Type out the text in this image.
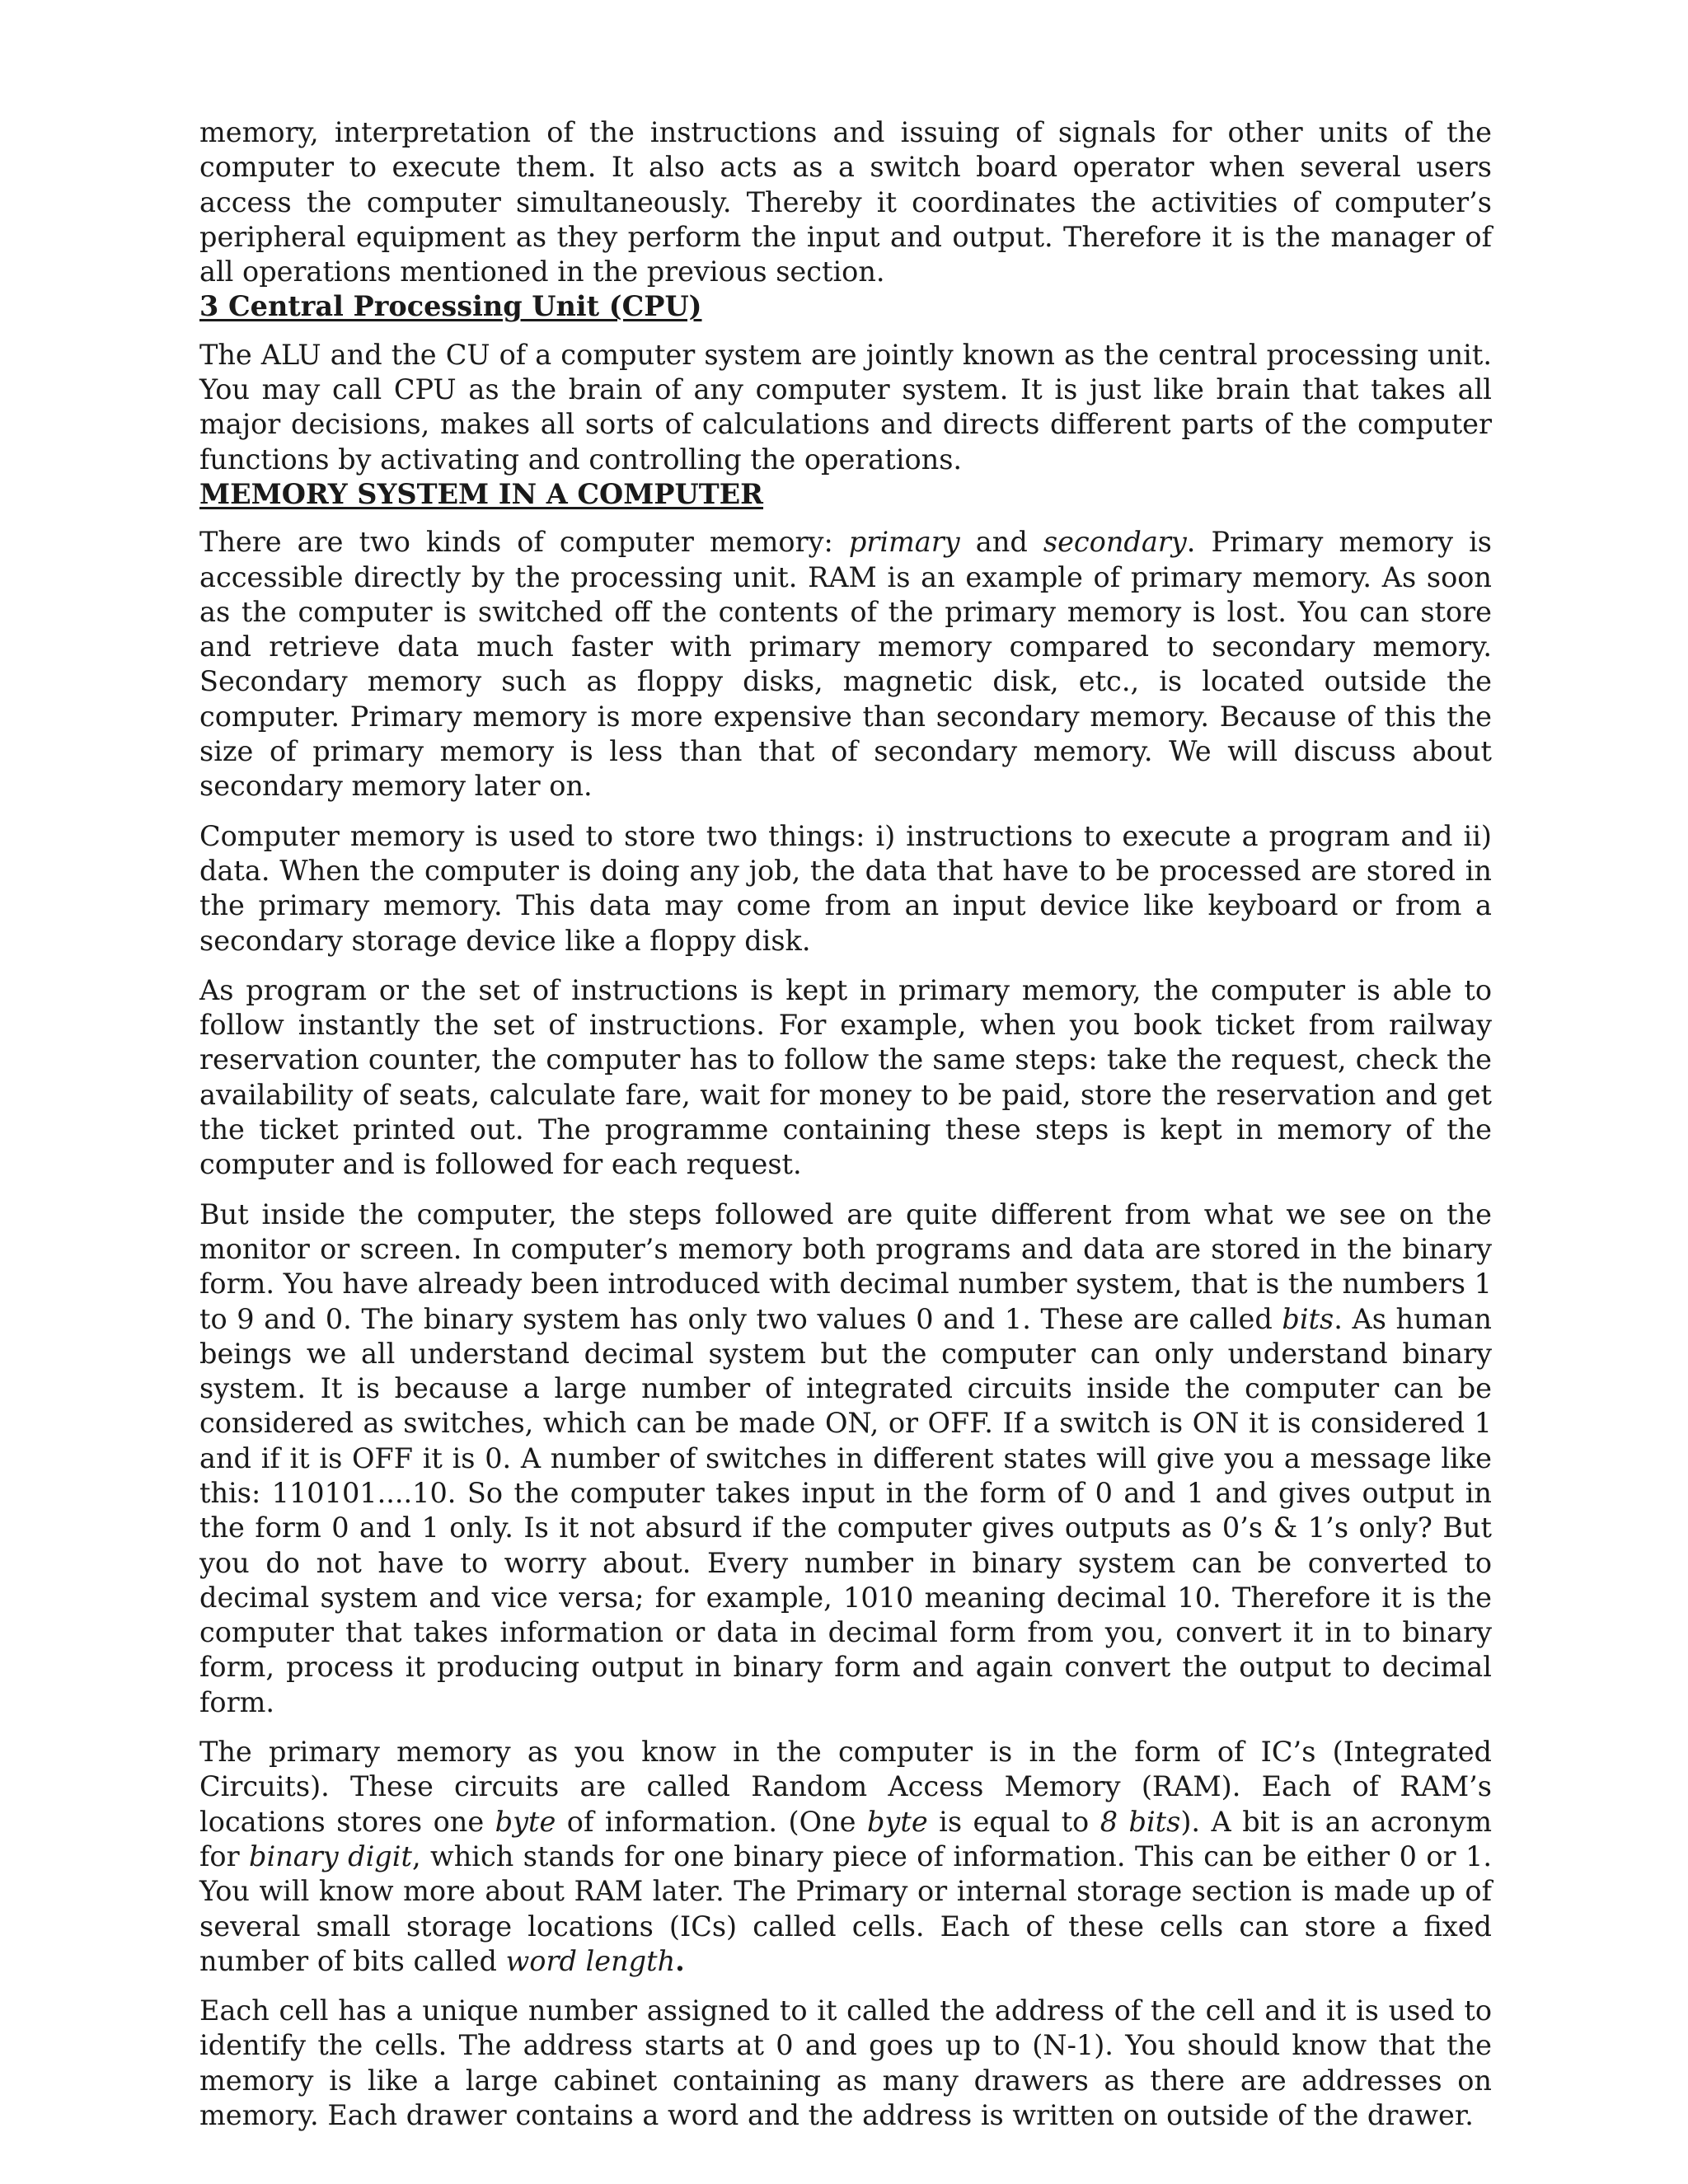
memory, interpretation of the instructions and issuing of signals for other units of the computer to execute them. It also acts as a switch board operator when several users access the computer simultaneously. Thereby it coordinates the activities of computer’s peripheral equipment as they perform the input and output. Therefore it is the manager of all operations mentioned in the previous section.

3 Central Processing Unit (CPU)

The ALU and the CU of a computer system are jointly known as the central processing unit. You may call CPU as the brain of any computer system. It is just like brain that takes all major decisions, makes all sorts of calculations and directs different parts of the computer functions by activating and controlling the operations.

MEMORY SYSTEM IN A COMPUTER

There are two kinds of computer memory: primary and secondary. Primary memory is accessible directly by the processing unit. RAM is an example of primary memory. As soon as the computer is switched off the contents of the primary memory is lost. You can store and retrieve data much faster with primary memory compared to secondary memory. Secondary memory such as floppy disks, magnetic disk, etc., is located outside the computer. Primary memory is more expensive than secondary memory. Because of this the size of primary memory is less than that of secondary memory. We will discuss about secondary memory later on.

Computer memory is used to store two things: i) instructions to execute a program and ii) data. When the computer is doing any job, the data that have to be processed are stored in the primary memory. This data may come from an input device like keyboard or from a secondary storage device like a floppy disk.

As program or the set of instructions is kept in primary memory, the computer is able to follow instantly the set of instructions. For example, when you book ticket from railway reservation counter, the computer has to follow the same steps: take the request, check the availability of seats, calculate fare, wait for money to be paid, store the reservation and get the ticket printed out. The programme containing these steps is kept in memory of the computer and is followed for each request.

But inside the computer, the steps followed are quite different from what we see on the monitor or screen. In computer’s memory both programs and data are stored in the binary form. You have already been introduced with decimal number system, that is the numbers 1 to 9 and 0. The binary system has only two values 0 and 1. These are called bits. As human beings we all understand decimal system but the computer can only understand binary system. It is because a large number of integrated circuits inside the computer can be considered as switches, which can be made ON, or OFF. If a switch is ON it is considered 1 and if it is OFF it is 0. A number of switches in different states will give you a message like this: 110101....10. So the computer takes input in the form of 0 and 1 and gives output in the form 0 and 1 only. Is it not absurd if the computer gives outputs as 0’s & 1’s only? But you do not have to worry about. Every number in binary system can be converted to decimal system and vice versa; for example, 1010 meaning decimal 10. Therefore it is the computer that takes information or data in decimal form from you, convert it in to binary form, process it producing output in binary form and again convert the output to decimal form.

The primary memory as you know in the computer is in the form of IC’s (Integrated Circuits). These circuits are called Random Access Memory (RAM). Each of RAM’s locations stores one byte of information. (One byte is equal to 8 bits). A bit is an acronym for binary digit, which stands for one binary piece of information. This can be either 0 or 1. You will know more about RAM later. The Primary or internal storage section is made up of several small storage locations (ICs) called cells. Each of these cells can store a fixed number of bits called word length.

Each cell has a unique number assigned to it called the address of the cell and it is used to identify the cells. The address starts at 0 and goes up to (N-1). You should know that the memory is like a large cabinet containing as many drawers as there are addresses on memory. Each drawer contains a word and the address is written on outside of the drawer.
